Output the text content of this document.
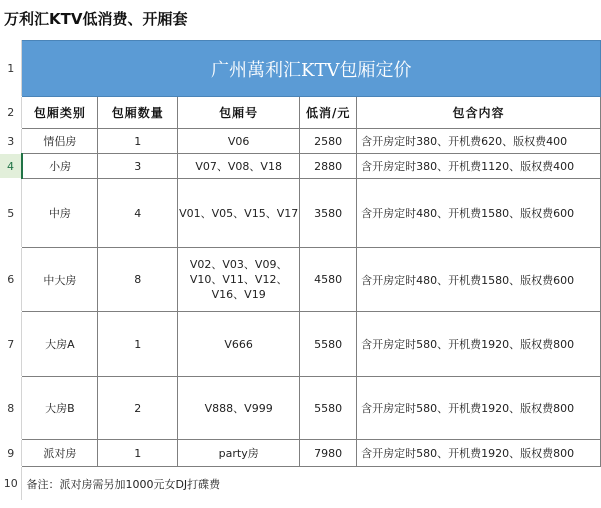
万利汇KTV低消费、开厢套
1	广州萬利汇KTV包厢定价				
2	包厢类别	包厢数量	包厢号	低消/元	包含内容
3	情侣房	1	V06	2580	含开房定时380、开机费620、版权费400
4	小房	3	V07、V08、V18	2880	含开房定时380、开机费1120、版权费400
5	中房	4	V01、V05、V15、V17	3580	含开房定时480、开机费1580、版权费600
6	中大房	8	V02、V03、V09、V10、V11、V12、V16、V19	4580	含开房定时480、开机费1580、版权费600
7	大房A	1	V666	5580	含开房定时580、开机费1920、版权费800
8	大房B	2	V888、V999	5580	含开房定时580、开机费1920、版权费800
9	派对房	1	party房	7980	含开房定时580、开机费1920、版权费800
10	备注：派对房需另加1000元女DJ打碟费				
